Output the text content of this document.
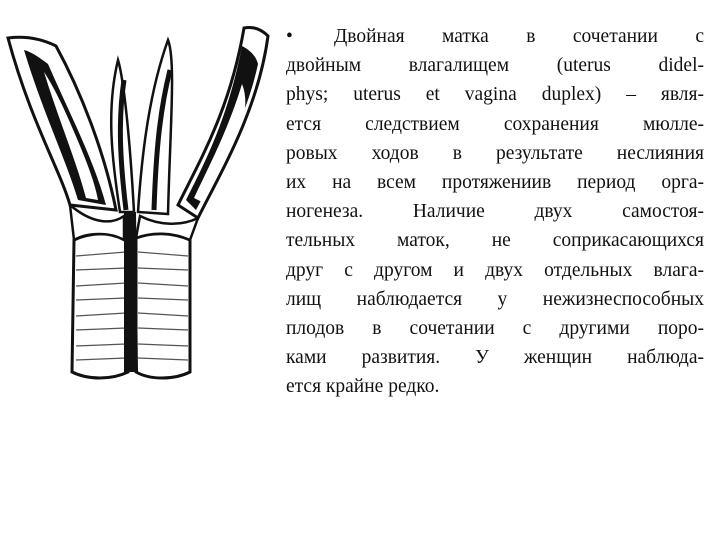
• Двойная матка в сочетании с
двойным влагалищем (uterus didel-
phys; uterus et vagina duplex) – явля-
ется следствием сохранения мюлле-
ровых ходов в результате неслияния
их на всем протяжениив период орга-
ногенеза. Наличие двух самостоя-
тельных маток, не соприкасающихся
друг с другом и двух отдельных влага-
лищ наблюдается у нежизнеспособных
плодов в сочетании с другими поро-
ками развития. У женщин наблюда-
ется крайне редко.
